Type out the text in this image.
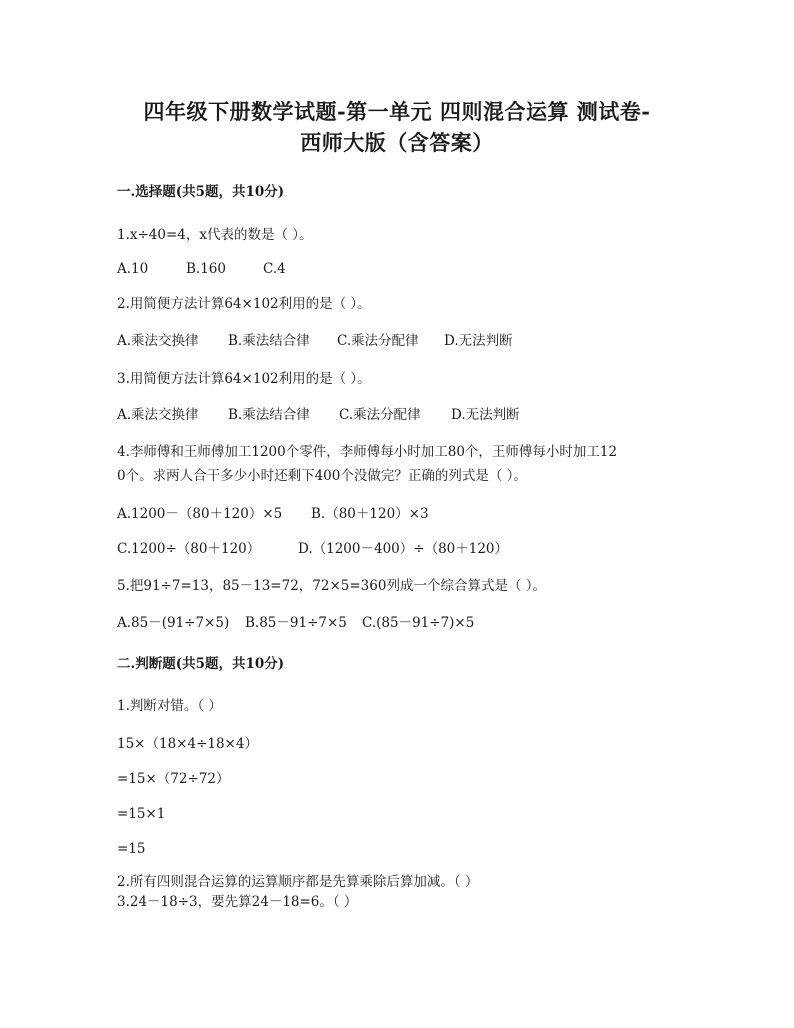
四年级下册数学试题-第一单元 四则混合运算 测试卷-
西师大版（含答案）
一.选择题(共5题，共10分)
1.x÷40=4，x代表的数是（ ）。
A.10	B.160	C.4
2.用简便方法计算64×102利用的是（ ）。
A.乘法交换律 B.乘法结合律 C.乘法分配律 D.无法判断
3.用简便方法计算64×102利用的是（ ）。
A.乘法交换律 B.乘法结合律 C.乘法分配律 D.无法判断
4.李师傅和王师傅加工1200个零件，李师傅每小时加工80个，王师傅每小时加工12
0个。求两人合干多少小时还剩下400个没做完？正确的列式是（ ）。
A.1200－（80＋120）×5 B.（80＋120）×3
C.1200÷（80＋120）	D.（1200－400）÷（80＋120）
5.把91÷7=13，85－13=72，72×5=360列成一个综合算式是（ ）。
A.85－(91÷7×5) B.85－91÷7×5 C.(85－91÷7)×5
二.判断题(共5题，共10分)
1.判断对错。（ ）
15×（18×4÷18×4）
=15×（72÷72）
=15×1
=15
2.所有四则混合运算的运算顺序都是先算乘除后算加减。（ ）
3.24－18÷3，要先算24－18=6。（ ）
